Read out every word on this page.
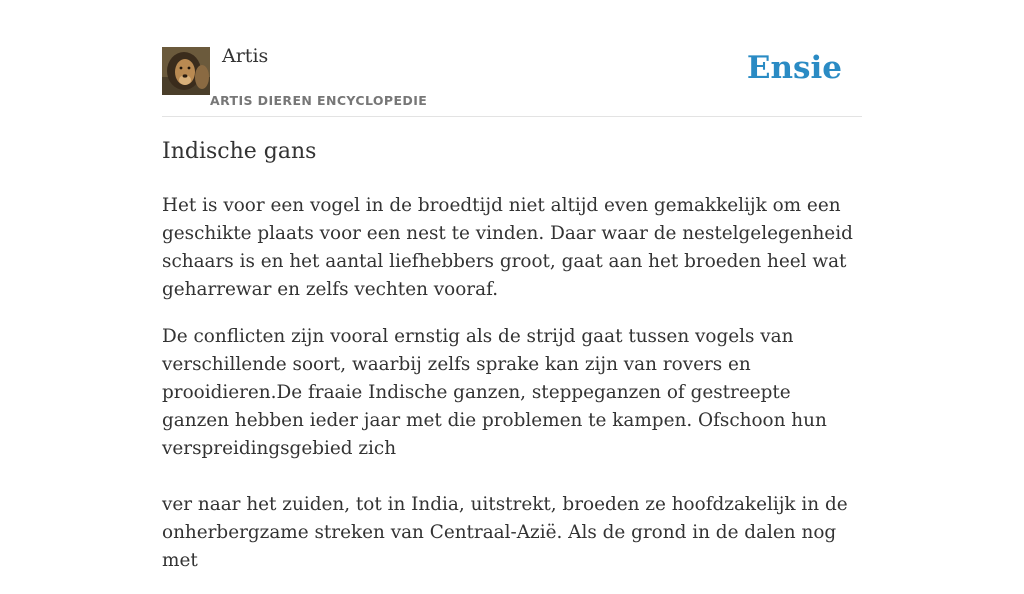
Artis
ARTIS DIEREN ENCYCLOPEDIE
Ensie
Indische gans

Het is voor een vogel in de broedtijd niet altijd even gemakkelijk om een geschikte plaats voor een nest te vinden. Daar waar de nestelgelegenheid schaars is en het aantal liefhebbers groot, gaat aan het broeden heel wat geharrewar en zelfs vechten vooraf.

De conflicten zijn vooral ernstig als de strijd gaat tussen vogels van verschillende soort, waarbij zelfs sprake kan zijn van rovers en prooidieren.De fraaie Indische ganzen, steppeganzen of gestreepte ganzen hebben ieder jaar met die problemen te kampen. Ofschoon hun verspreidingsgebied zich

ver naar het zuiden, tot in India, uitstrekt, broeden ze hoofdzakelijk in de onherbergzame streken van Centraal-Azië. Als de grond in de dalen nog met
